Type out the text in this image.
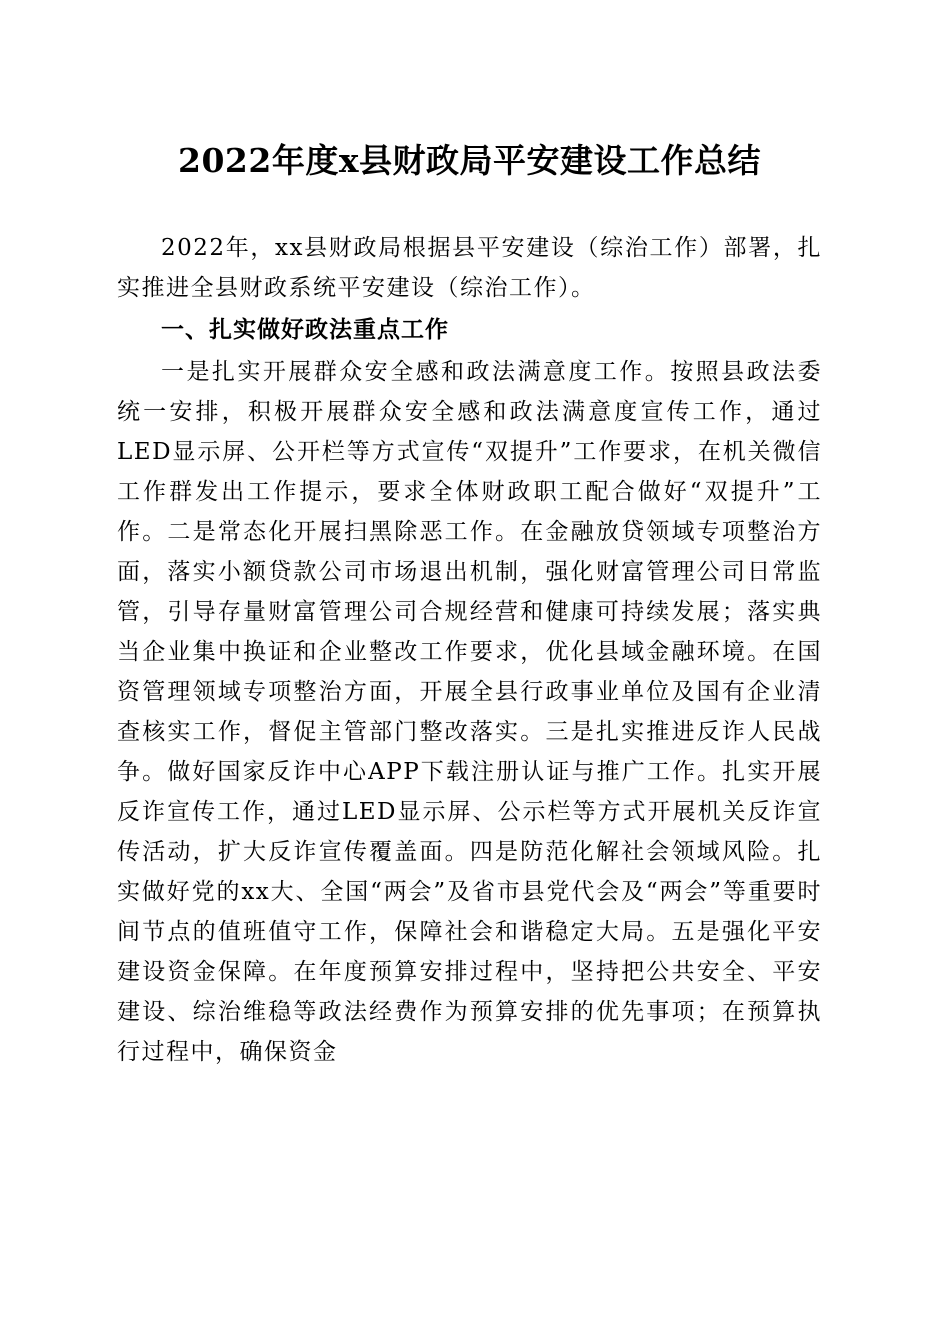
2022年度x县财政局平安建设工作总结

2022年，xx县财政局根据县平安建设（综治工作）部署，扎实推进全县财政系统平安建设（综治工作）。

一、扎实做好政法重点工作

一是扎实开展群众安全感和政法满意度工作。按照县政法委统一安排，积极开展群众安全感和政法满意度宣传工作，通过LED显示屏、公开栏等方式宣传“双提升”工作要求，在机关微信工作群发出工作提示，要求全体财政职工配合做好“双提升”工作。二是常态化开展扫黑除恶工作。在金融放贷领域专项整治方面，落实小额贷款公司市场退出机制，强化财富管理公司日常监管，引导存量财富管理公司合规经营和健康可持续发展；落实典当企业集中换证和企业整改工作要求，优化县域金融环境。在国资管理领域专项整治方面，开展全县行政事业单位及国有企业清查核实工作，督促主管部门整改落实。三是扎实推进反诈人民战争。做好国家反诈中心APP下载注册认证与推广工作。扎实开展反诈宣传工作，通过LED显示屏、公示栏等方式开展机关反诈宣传活动，扩大反诈宣传覆盖面。四是防范化解社会领域风险。扎实做好党的xx大、全国“两会”及省市县党代会及“两会”等重要时间节点的值班值守工作，保障社会和谐稳定大局。五是强化平安建设资金保障。在年度预算安排过程中，坚持把公共安全、平安建设、综治维稳等政法经费作为预算安排的优先事项；在预算执行过程中，确保资金
